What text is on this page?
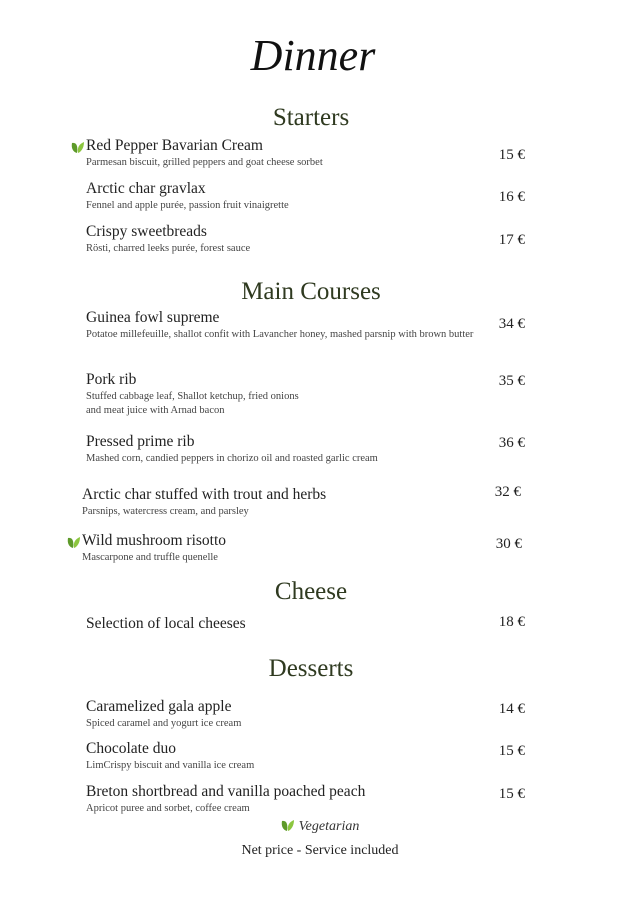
Dinner
Starters
Red Pepper Bavarian Cream
Parmesan biscuit, grilled peppers and goat cheese sorbet	15 €
Arctic char gravlax
Fennel and apple purée, passion fruit vinaigrette
16 €
Crispy sweetbreads
Rösti, charred leeks purée, forest sauce
17 €
Main Courses
Guinea fowl supreme
Potatoe millefeuille, shallot confit with Lavancher honey, mashed parsnip with brown butter
34 €
Pork rib
Stuffed cabbage leaf, Shallot ketchup, fried onions
and meat juice with Arnad bacon
35 €
Pressed prime rib
Mashed corn, candied peppers in chorizo oil and roasted garlic cream
36 €
Arctic char stuffed with trout and herbs
Parsnips, watercress cream, and parsley
32 €
Wild mushroom risotto
Mascarpone and truffle quenelle
30 €
Cheese
Selection of local cheeses	18 €
Desserts
Caramelized gala apple
Spiced caramel and yogurt ice cream
14 €
Chocolate duo
LimCrispy biscuit and vanilla ice cream
15 €
Breton shortbread and vanilla poached peach
Apricot puree and sorbet, coffee cream
15 €
Vegetarian
Net price - Service included
